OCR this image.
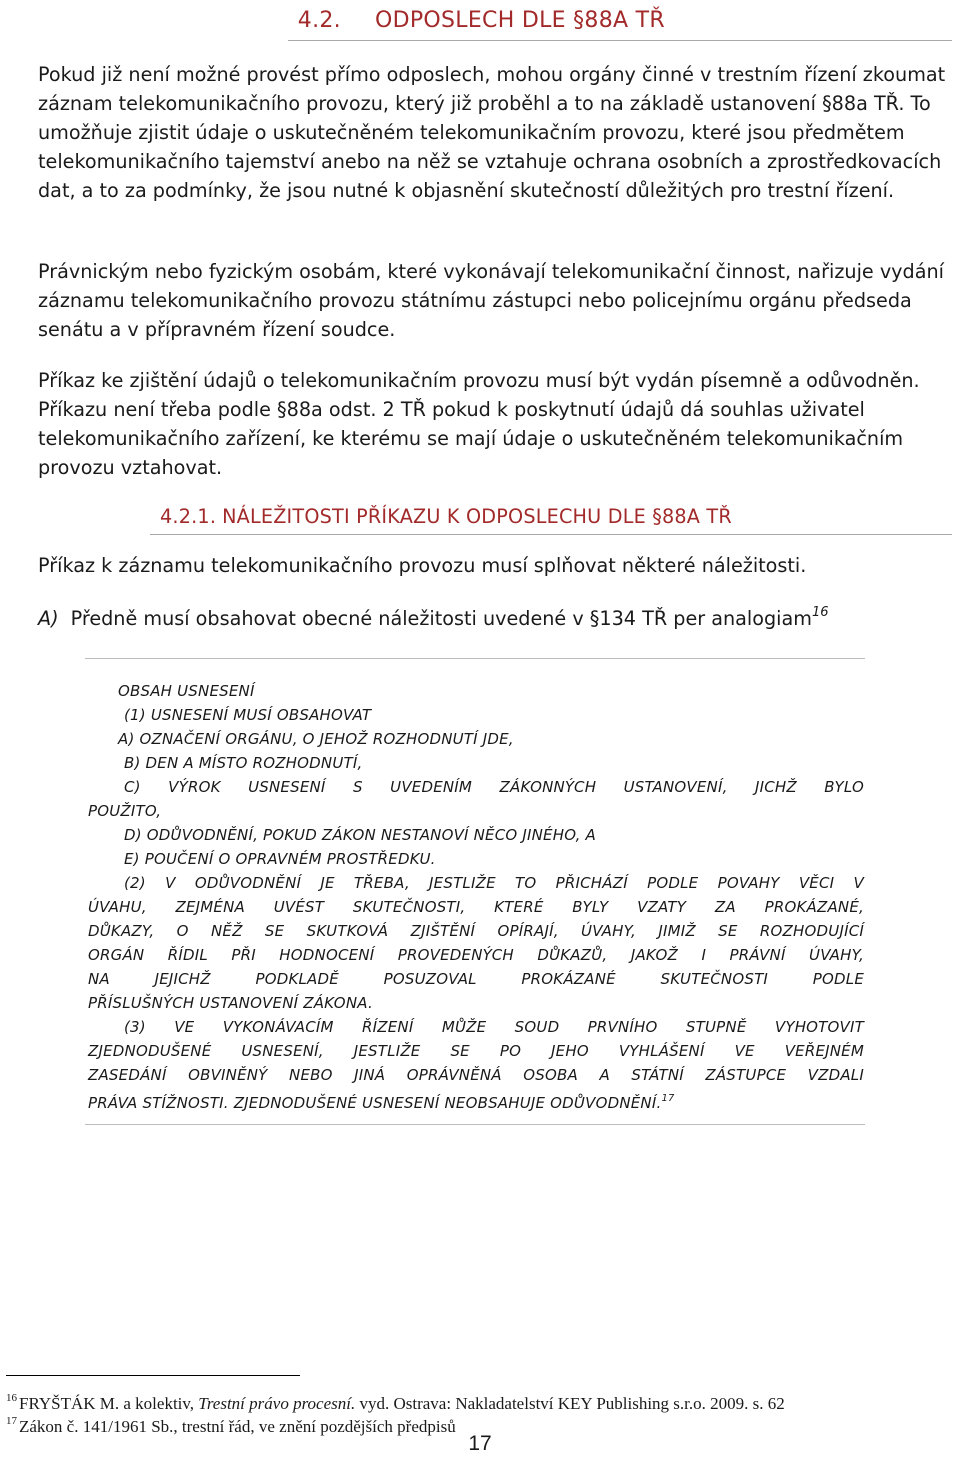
4.2. ODPOSLECH DLE §88A TŘ

Pokud již není možné provést přímo odposlech, mohou orgány činné v trestním řízení zkoumat záznam telekomunikačního provozu, který již proběhl a to na základě ustanovení §88a TŘ. To umožňuje zjistit údaje o uskutečněném telekomunikačním provozu, které jsou předmětem telekomunikačního tajemství anebo na něž se vztahuje ochrana osobních a zprostředkovacích dat, a to za podmínky, že jsou nutné k objasnění skutečností důležitých pro trestní řízení.

Právnickým nebo fyzickým osobám, které vykonávají telekomunikační činnost, nařizuje vydání záznamu telekomunikačního provozu státnímu zástupci nebo policejnímu orgánu předseda senátu a v přípravném řízení soudce.

Příkaz ke zjištění údajů o telekomunikačním provozu musí být vydán písemně a odůvodněn. Příkazu není třeba podle §88a odst. 2 TŘ pokud k poskytnutí údajů dá souhlas uživatel telekomunikačního zařízení, ke kterému se mají údaje o uskutečněném telekomunikačním provozu vztahovat.

4.2.1. NÁLEŽITOSTI PŘÍKAZU K ODPOSLECHU DLE §88A TŘ

Příkaz k záznamu telekomunikačního provozu musí splňovat některé náležitosti.

A) Předně musí obsahovat obecné náležitosti uvedené v §134 TŘ per analogiam$^{16}$
OBSAH USNESENÍ
(1) USNESENÍ MUSÍ OBSAHOVAT
A) OZNAČENÍ ORGÁNU, O JEHOŽ ROZHODNUTÍ JDE,
B) DEN A MÍSTO ROZHODNUTÍ,
C) VÝROK USNESENÍ S UVEDENÍM ZÁKONNÝCH USTANOVENÍ, JICHŽ BYLO
POUŽITO,
D) ODŮVODNĚNÍ, POKUD ZÁKON NESTANOVÍ NĚCO JINÉHO, A
E) POUČENÍ O OPRAVNÉM PROSTŘEDKU.
(2) V ODŮVODNĚNÍ JE TŘEBA, JESTLIŽE TO PŘICHÁZÍ PODLE POVAHY VĚCI V
ÚVAHU, ZEJMÉNA UVÉST SKUTEČNOSTI, KTERÉ BYLY VZATY ZA PROKÁZANÉ,
DŮKAZY, O NĚŽ SE SKUTKOVÁ ZJIŠTĚNÍ OPÍRAJÍ, ÚVAHY, JIMIŽ SE ROZHODUJÍCÍ
ORGÁN ŘÍDIL PŘI HODNOCENÍ PROVEDENÝCH DŮKAZŮ, JAKOŽ I PRÁVNÍ ÚVAHY,
NA JEJICHŽ PODKLADĚ POSUZOVAL PROKÁZANÉ SKUTEČNOSTI PODLE
PŘÍSLUŠNÝCH USTANOVENÍ ZÁKONA.
(3) VE VYKONÁVACÍM ŘÍZENÍ MŮŽE SOUD PRVNÍHO STUPNĚ VYHOTOVIT
ZJEDNODUŠENÉ USNESENÍ, JESTLIŽE SE PO JEHO VYHLÁŠENÍ VE VEŘEJNÉM
ZASEDÁNÍ OBVINĚNÝ NEBO JINÁ OPRÁVNĚNÁ OSOBA A STÁTNÍ ZÁSTUPCE VZDALI
PRÁVA STÍŽNOSTI. ZJEDNODUŠENÉ USNESENÍ NEOBSAHUJE ODŮVODNĚNÍ.$^{17}$
$^{16}$ FRYŠTÁK M. a kolektiv, Trestní právo procesní. vyd. Ostrava: Nakladatelství KEY Publishing s.r.o. 2009. s. 62
$^{17}$ Zákon č. 141/1961 Sb., trestní řád, ve znění pozdějších předpisů
17
